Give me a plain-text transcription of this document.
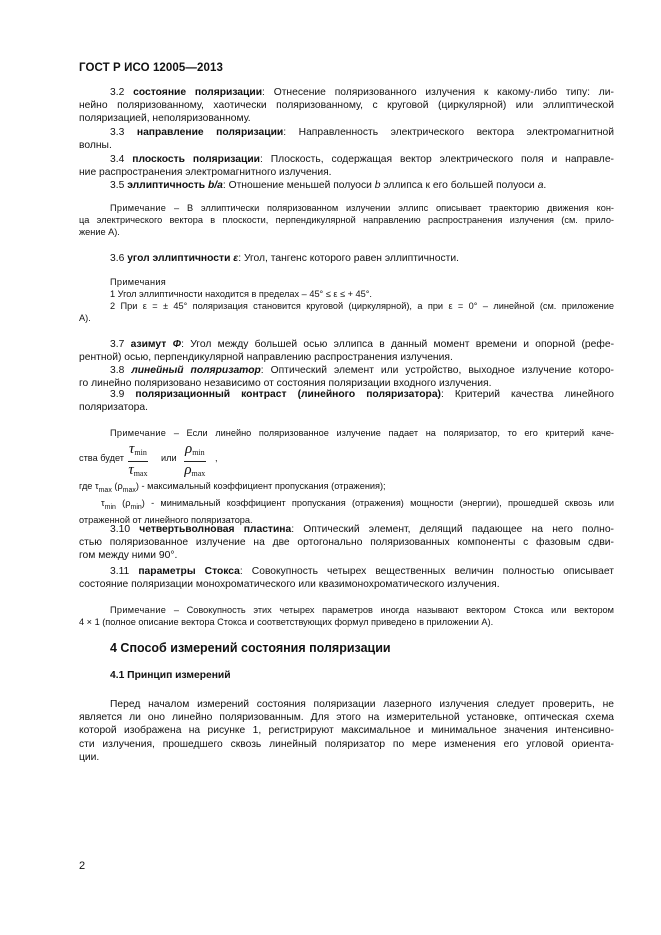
ГОСТ Р ИСО 12005—2013
3.2 состояние поляризации: Отнесение поляризованного излучения к какому-либо типу: ли-
нейно поляризованному, хаотически поляризованному, с круговой (циркулярной) или эллиптической
поляризацией, неполяризованному.
3.3 направление поляризации: Направленность электрического вектора электромагнитной
волны.
3.4 плоскость поляризации: Плоскость, содержащая вектор электрического поля и направле-
ние распространения электромагнитного излучения.
3.5 эллиптичность b/a: Отношение меньшей полуоси b эллипса к его большей полуоси a.
Примечание – В эллиптически поляризованном излучении эллипс описывает траекторию движения кон-
ца электрического вектора в плоскости, перпендикулярной направлению распространения излучения (см. прило-
жение А).
3.6 угол эллиптичности ε: Угол, тангенс которого равен эллиптичности.
Примечания
1 Угол эллиптичности находится в пределах – 45° ≤ ε ≤ + 45°.
2 При ε = ± 45° поляризация становится круговой (циркулярной), а при ε = 0° – линейной (см. приложение
А).
3.7 азимут Φ: Угол между большей осью эллипса в данный момент времени и опорной (рефе-
рентной) осью, перпендикулярной направлению распространения излучения.
3.8 линейный поляризатор: Оптический элемент или устройство, выходное излучение которо-
го линейно поляризовано независимо от состояния поляризации входного излучения.
3.9 поляризационный контраст (линейного поляризатора): Критерий качества линейного
поляризатора.
Примечание – Если линейно поляризованное излучение падает на поляризатор, то его критерий каче-
ства будет
$\tau_{min}$
$\tau_{max}$
или
$\rho_{min}$
$\rho_{max}$
,
где $\tau_{max}$ $(\rho_{max})$ - максимальный коэффициент пропускания (отражения);
$\tau_{min}$ $(\rho_{min})$ - минимальный коэффициент пропускания (отражения) мощности (энергии), прошедшей сквозь или
отраженной от линейного поляризатора.
3.10 четвертьволновая пластина: Оптический элемент, делящий падающее на него полно-
стью поляризованное излучение на две ортогонально поляризованных компоненты с фазовым сдви-
гом между ними 90°.
3.11 параметры Стокса: Совокупность четырех вещественных величин полностью описывает
состояние поляризации монохроматического или квазимонохроматического излучения.
Примечание – Совокупность этих четырех параметров иногда называют вектором Стокса или вектором
4 × 1 (полное описание вектора Стокса и соответствующих формул приведено в приложении А).
4 Способ измерений состояния поляризации
4.1 Принцип измерений
Перед началом измерений состояния поляризации лазерного излучения следует проверить, не
является ли оно линейно поляризованным. Для этого на измерительной установке, оптическая схема
которой изображена на рисунке 1, регистрируют максимальное и минимальное значения интенсивно-
сти излучения, прошедшего сквозь линейный поляризатор по мере изменения его угловой ориента-
ции.
2
